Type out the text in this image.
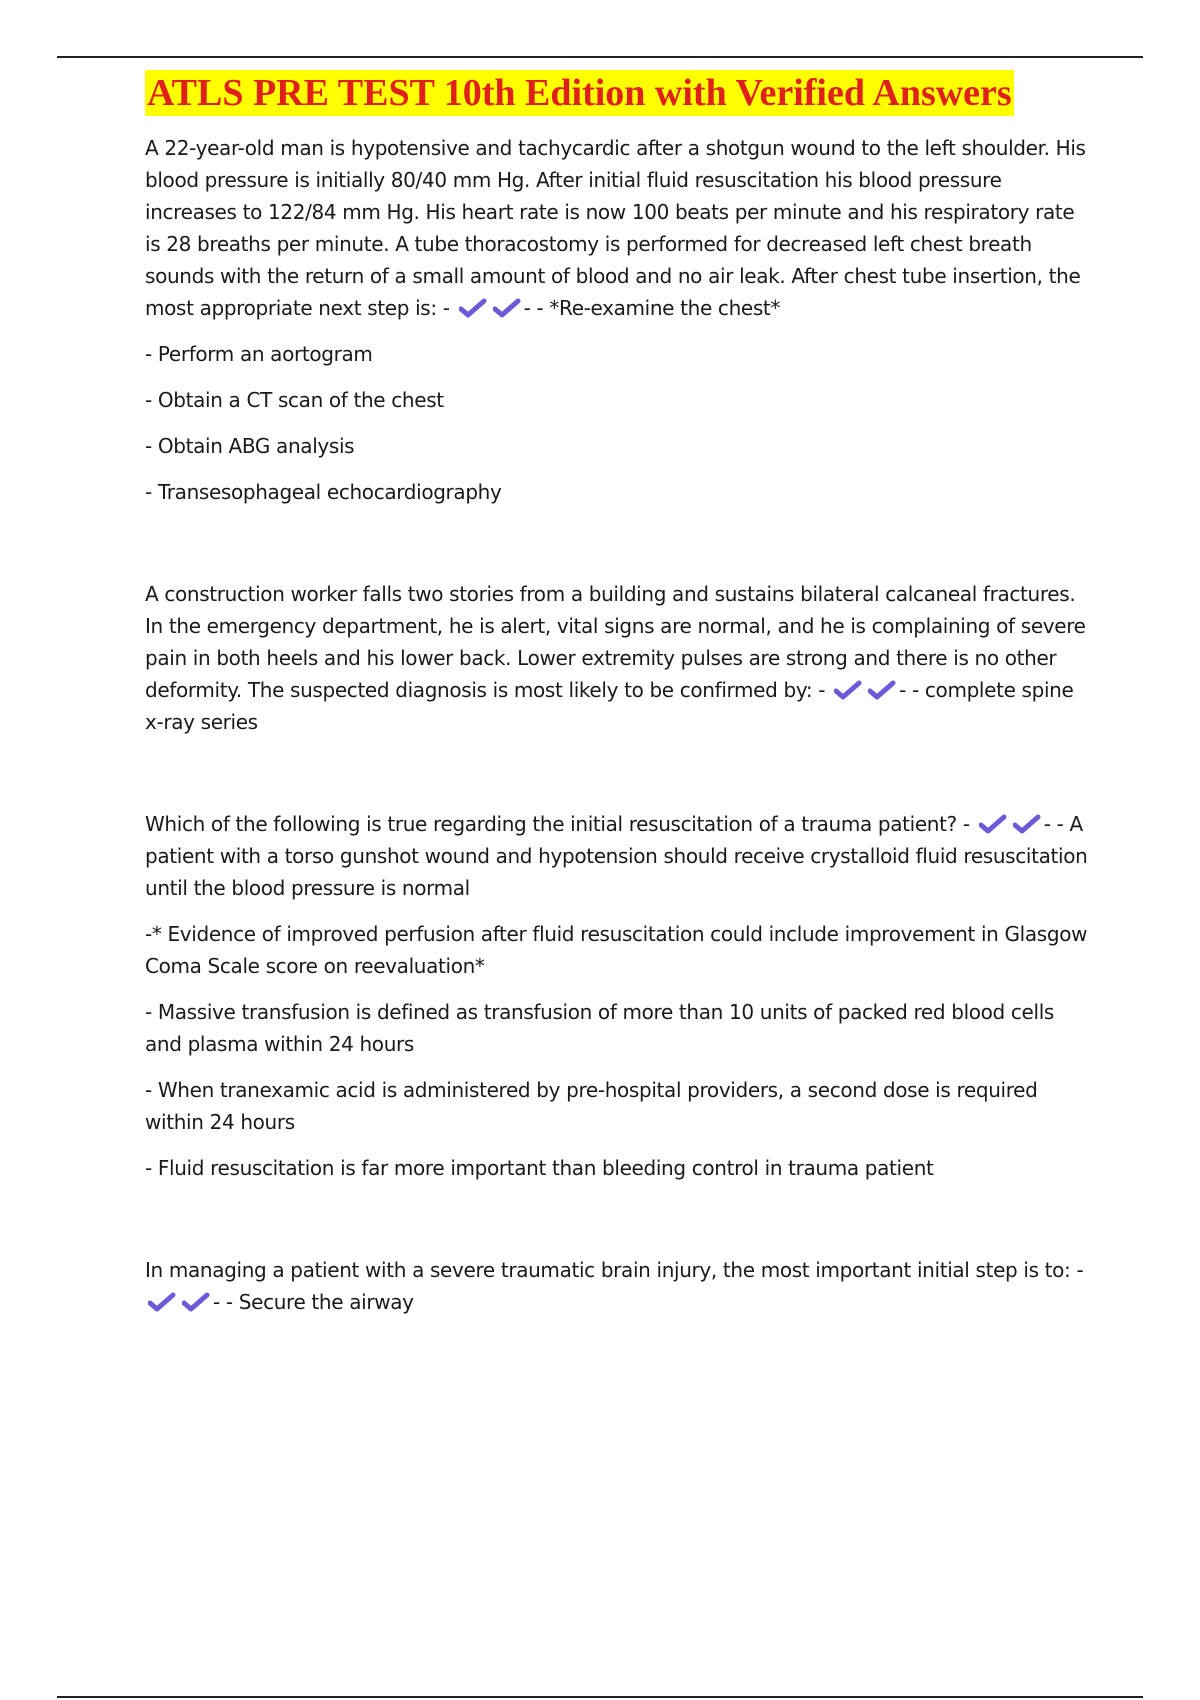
ATLS PRE TEST 10th Edition with Verified Answers

A 22-year-old man is hypotensive and tachycardic after a shotgun wound to the left shoulder. His blood pressure is initially 80/40 mm Hg. After initial fluid resuscitation his blood pressure increases to 122/84 mm Hg. His heart rate is now 100 beats per minute and his respiratory rate is 28 breaths per minute. A tube thoracostomy is performed for decreased left chest breath sounds with the return of a small amount of blood and no air leak. After chest tube insertion, the most appropriate next step is: -	- - *Re-examine the chest*

- Perform an aortogram

- Obtain a CT scan of the chest

- Obtain ABG analysis

- Transesophageal echocardiography

A construction worker falls two stories from a building and sustains bilateral calcaneal fractures. In the emergency department, he is alert, vital signs are normal, and he is complaining of severe pain in both heels and his lower back. Lower extremity pulses are strong and there is no other deformity. The suspected diagnosis is most likely to be confirmed by: -	- - complete spine x-ray series

Which of the following is true regarding the initial resuscitation of a trauma patient? -	- - A patient with a torso gunshot wound and hypotension should receive crystalloid fluid resuscitation until the blood pressure is normal

-* Evidence of improved perfusion after fluid resuscitation could include improvement in Glasgow Coma Scale score on reevaluation*

- Massive transfusion is defined as transfusion of more than 10 units of packed red blood cells and plasma within 24 hours

- When tranexamic acid is administered by pre-hospital providers, a second dose is required within 24 hours

- Fluid resuscitation is far more important than bleeding control in trauma patient

In managing a patient with a severe traumatic brain injury, the most important initial step is to: -
- - Secure the airway
